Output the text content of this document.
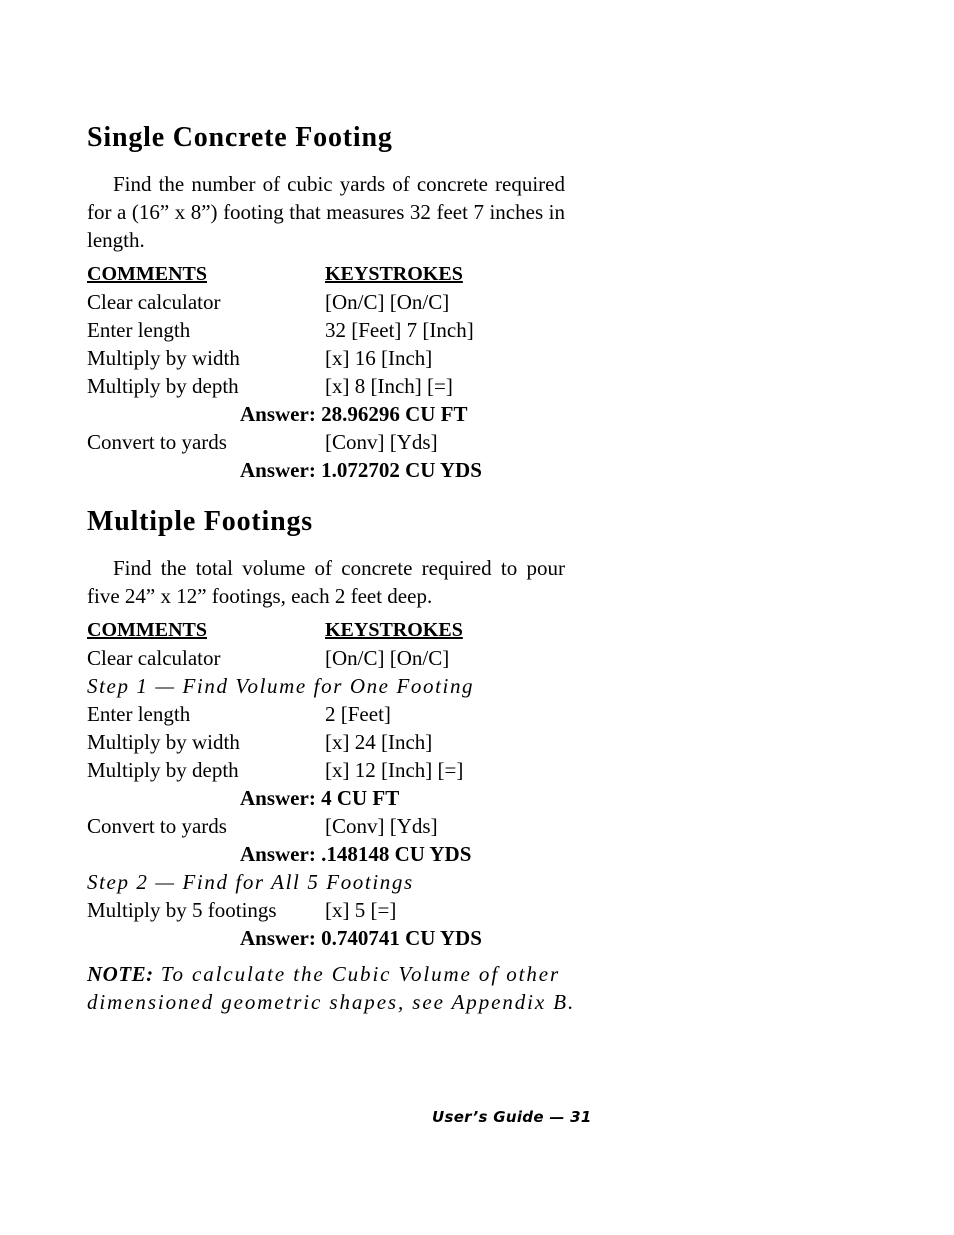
Single Concrete Footing
Find the number of cubic yards of concrete required for a (16” x 8”) footing that measures 32 feet 7 inches in length.
COMMENTS	KEYSTROKES
Clear calculator	[On/C] [On/C]
Enter length	32 [Feet] 7 [Inch]
Multiply by width	[x] 16 [Inch]
Multiply by depth	[x] 8 [Inch] [=]
Answer: 28.96296 CU FT
Convert to yards	[Conv] [Yds]
Answer: 1.072702 CU YDS
Multiple Footings
Find the total volume of concrete required to pour five 24” x 12” footings, each 2 feet deep.
COMMENTS	KEYSTROKES
Clear calculator	[On/C] [On/C]
Step 1 — Find Volume for One Footing
Enter length	2 [Feet]
Multiply by width	[x] 24 [Inch]
Multiply by depth	[x] 12 [Inch] [=]
Answer: 4 CU FT
Convert to yards	[Conv] [Yds]
Answer: .148148 CU YDS
Step 2 — Find for All 5 Footings
Multiply by 5 footings [x] 5 [=]
Answer: 0.740741 CU YDS
NOTE: To calculate the Cubic Volume of other dimensioned geometric shapes, see Appendix B.
User’s Guide — 31
